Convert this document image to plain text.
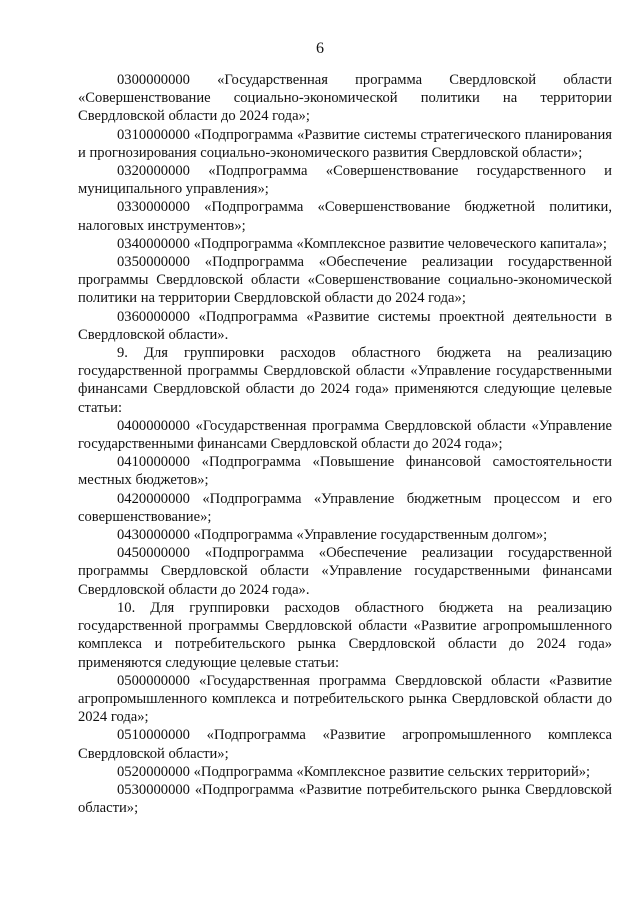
6

0300000000 «Государственная программа Свердловской области «Совершенствование социально-экономической политики на территории Свердловской области до 2024 года»;

0310000000 «Подпрограмма «Развитие системы стратегического планирования и прогнозирования социально-экономического развития Свердловской области»;

0320000000 «Подпрограмма «Совершенствование государственного и муниципального управления»;

0330000000 «Подпрограмма «Совершенствование бюджетной политики, налоговых инструментов»;

0340000000 «Подпрограмма «Комплексное развитие человеческого капитала»;

0350000000 «Подпрограмма «Обеспечение реализации государственной программы Свердловской области «Совершенствование социально-экономической политики на территории Свердловской области до 2024 года»;

0360000000 «Подпрограмма «Развитие системы проектной деятельности в Свердловской области».

9. Для группировки расходов областного бюджета на реализацию государственной программы Свердловской области «Управление государственными финансами Свердловской области до 2024 года» применяются следующие целевые статьи:

0400000000 «Государственная программа Свердловской области «Управление государственными финансами Свердловской области до 2024 года»;

0410000000 «Подпрограмма «Повышение финансовой самостоятельности местных бюджетов»;

0420000000 «Подпрограмма «Управление бюджетным процессом и его совершенствование»;

0430000000 «Подпрограмма «Управление государственным долгом»;

0450000000 «Подпрограмма «Обеспечение реализации государственной программы Свердловской области «Управление государственными финансами Свердловской области до 2024 года».

10. Для группировки расходов областного бюджета на реализацию государственной программы Свердловской области «Развитие агропромышленного комплекса и потребительского рынка Свердловской области до 2024 года» применяются следующие целевые статьи:

0500000000 «Государственная программа Свердловской области «Развитие агропромышленного комплекса и потребительского рынка Свердловской области до 2024 года»;

0510000000 «Подпрограмма «Развитие агропромышленного комплекса Свердловской области»;

0520000000 «Подпрограмма «Комплексное развитие сельских территорий»;

0530000000 «Подпрограмма «Развитие потребительского рынка Свердловской области»;
